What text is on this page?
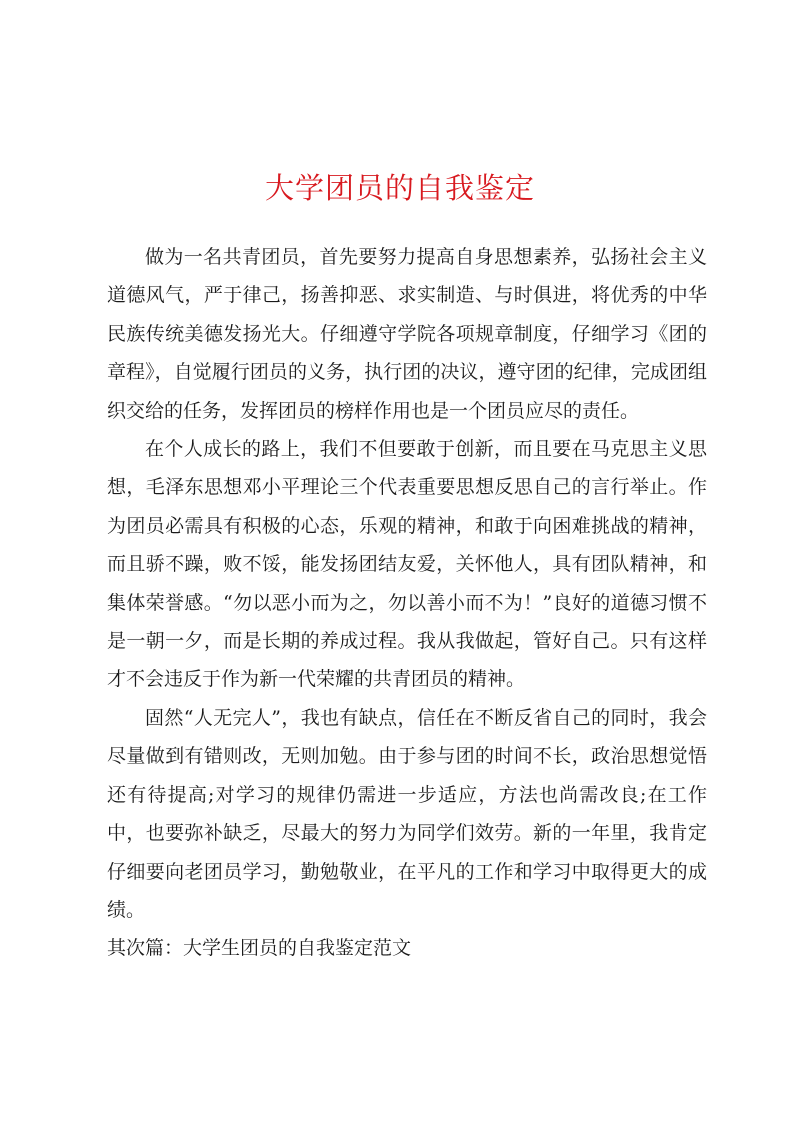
大学团员的自我鉴定

做为一名共青团员，首先要努力提高自身思想素养，弘扬社会主义道德风气，严于律己，扬善抑恶、求实制造、与时俱进，将优秀的中华民族传统美德发扬光大。仔细遵守学院各项规章制度，仔细学习《团的章程》，自觉履行团员的义务，执行团的决议，遵守团的纪律，完成团组织交给的任务，发挥团员的榜样作用也是一个团员应尽的责任。

在个人成长的路上，我们不但要敢于创新，而且要在马克思主义思想，毛泽东思想邓小平理论三个代表重要思想反思自己的言行举止。作为团员必需具有积极的心态，乐观的精神，和敢于向困难挑战的精神，而且骄不躁，败不馁，能发扬团结友爱，关怀他人，具有团队精神，和集体荣誉感。“勿以恶小而为之，勿以善小而不为！”良好的道德习惯不是一朝一夕，而是长期的养成过程。我从我做起，管好自己。只有这样才不会违反于作为新一代荣耀的共青团员的精神。

固然“人无完人”，我也有缺点，信任在不断反省自己的同时，我会尽量做到有错则改，无则加勉。由于参与团的时间不长，政治思想觉悟还有待提高;对学习的规律仍需进一步适应，方法也尚需改良;在工作中，也要弥补缺乏，尽最大的努力为同学们效劳。新的一年里，我肯定仔细要向老团员学习，勤勉敬业，在平凡的工作和学习中取得更大的成绩。

其次篇：大学生团员的自我鉴定范文
